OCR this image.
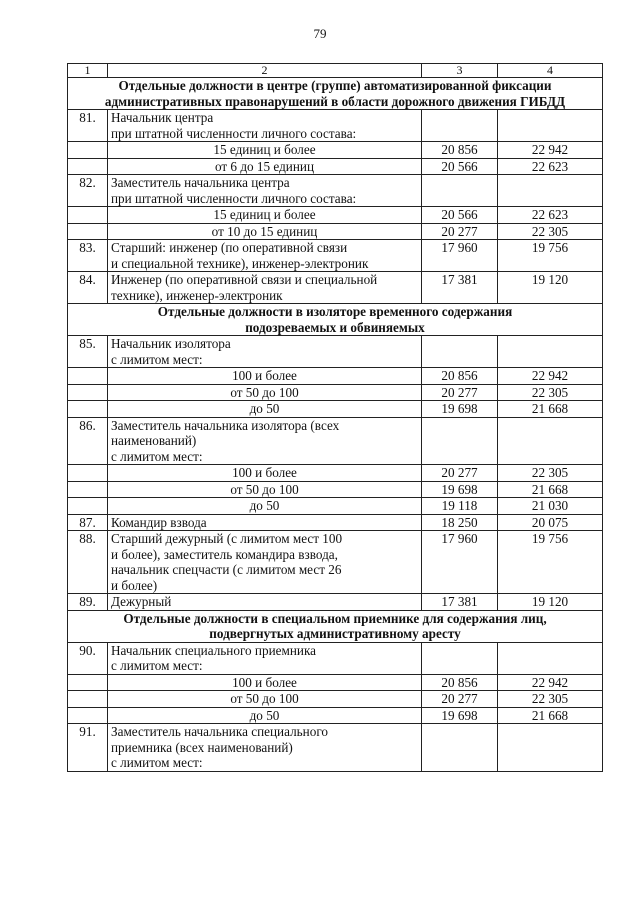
79
1	2	3	4

Отдельные должности в центре (группе) автоматизированной фиксации
административных правонарушений в области дорожного движения ГИБДД			

81.	Начальник центра
при штатной численности личного состава:		

	15 единиц и более	20 856	22 942
	от 6 до 15 единиц	20 566	22 623
82.	Заместитель начальника центра
при штатной численности личного состава:		

	15 единиц и более	20 566	22 623
	от 10 до 15 единиц	20 277	22 305
83.	Старший: инженер (по оперативной связи
и специальной технике), инженер-электроник	17 960	19 756
84.	Инженер (по оперативной связи и специальной
технике), инженер-электроник	17 381	19 120

Отдельные должности в изоляторе временного содержания
подозреваемых и обвиняемых			

85.	Начальник изолятора
с лимитом мест:		

	100 и более	20 856	22 942
	от 50 до 100	20 277	22 305
	до 50	19 698	21 668
86.	Заместитель начальника изолятора (всех
наименований)
с лимитом мест:		

	100 и более	20 277	22 305
	от 50 до 100	19 698	21 668
	до 50	19 118	21 030
87.	Командир взвода	18 250	20 075
88.	Старший дежурный (с лимитом мест 100
и более), заместитель командира взвода,
начальник спецчасти (с лимитом мест 26
и более)	17 960	19 756
89.	Дежурный	17 381	19 120

Отдельные должности в специальном приемнике для содержания лиц,
подвергнутых административному аресту			

90.	Начальник специального приемника
с лимитом мест:		

	100 и более	20 856	22 942
	от 50 до 100	20 277	22 305
	до 50	19 698	21 668
91.	Заместитель начальника специального
приемника (всех наименований)
с лимитом мест:		
